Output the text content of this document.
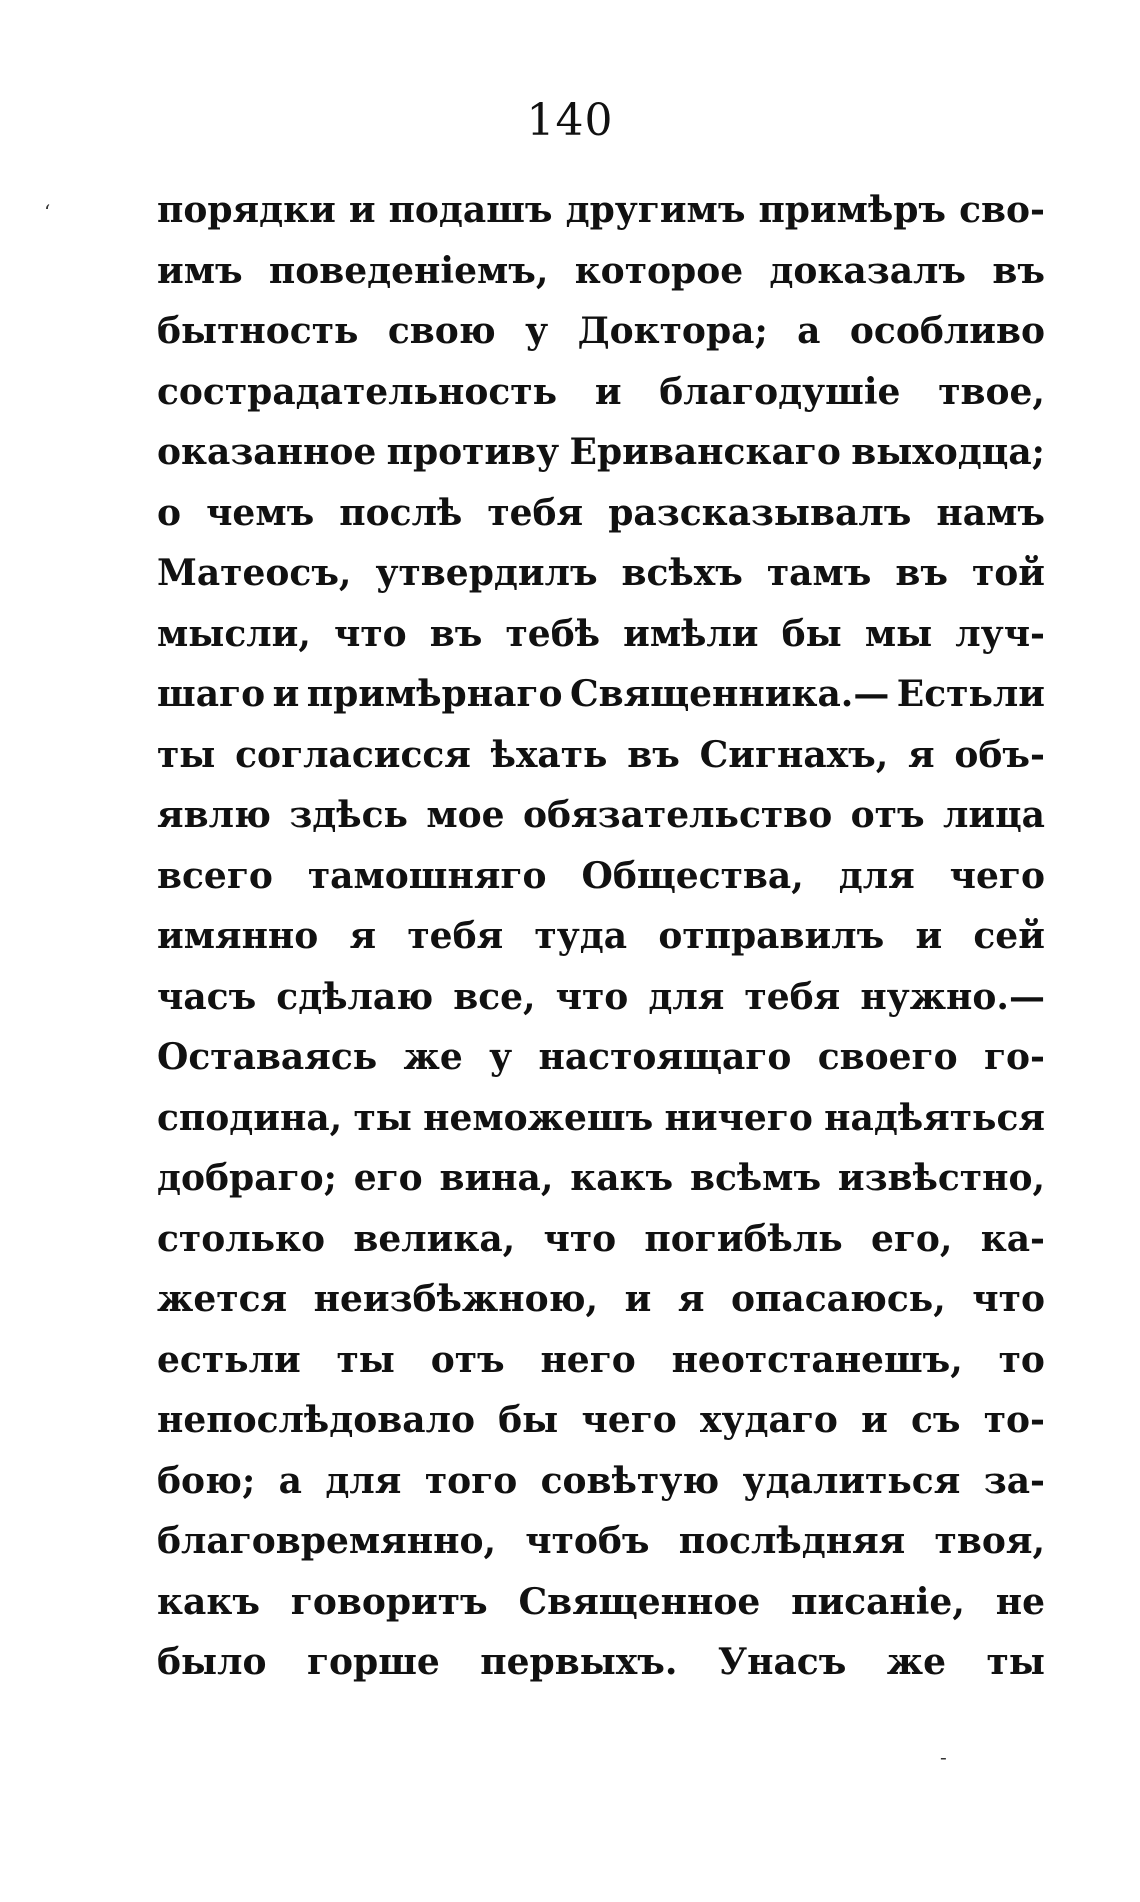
140
‘
-
порядки и подашъ другимъ примѣръ сво-
имъ поведенiемъ, которое доказалъ въ
бытность свою у Доктора; а особливо
сострадательность и благодушiе твое,
оказанное противу Ериванскаго выходца;
о чемъ послѣ тебя разсказывалъ намъ
Матеосъ, утвердилъ всѣхъ тамъ въ той
мысли, что въ тебѣ имѣли бы мы луч-
шаго и примѣрнаго Священника.— Естьли
ты согласисся ѣхать въ Сигнахъ, я объ-
явлю здѣсь мое обязательство отъ лица
всего тамошняго Общества, для чего
имянно я тебя туда отправилъ и сей
часъ сдѣлаю все, что для тебя нужно.—
Оставаясь же у настоящаго своего го-
сподина, ты неможешъ ничего надѣяться
добраго; его вина, какъ всѣмъ извѣстно,
столько велика, что погибѣль его, ка-
жется неизбѣжною, и я опасаюсь, что
естьли ты отъ него неотстанешъ, то
непослѣдовало бы чего худаго и съ то-
бою; а для того совѣтую удалиться за-
благовремянно, чтобъ послѣдняя твоя,
какъ говоритъ Священное писанiе, не
было горше первыхъ. Унасъ же ты
